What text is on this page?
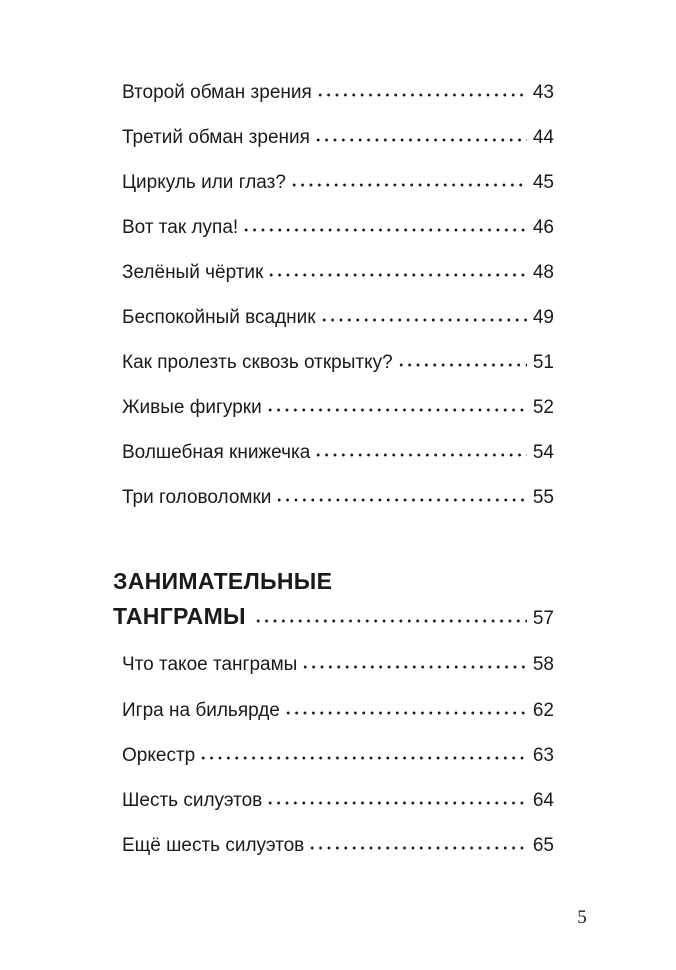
Второй обман зрения	43
Третий обман зрения	44
Циркуль или глаз?	45
Вот так лупа!	46
Зелёный чёртик	48
Беспокойный всадник	49
Как пролезть сквозь открытку?	51
Живые фигурки	52
Волшебная книжечка	54
Три головоломки	55
ЗАНИМАТЕЛЬНЫЕ
ТАНГРАМЫ	57
Что такое танграмы	58
Игра на бильярде	62
Оркестр	63
Шесть силуэтов	64
Ещё шесть силуэтов	65
5
